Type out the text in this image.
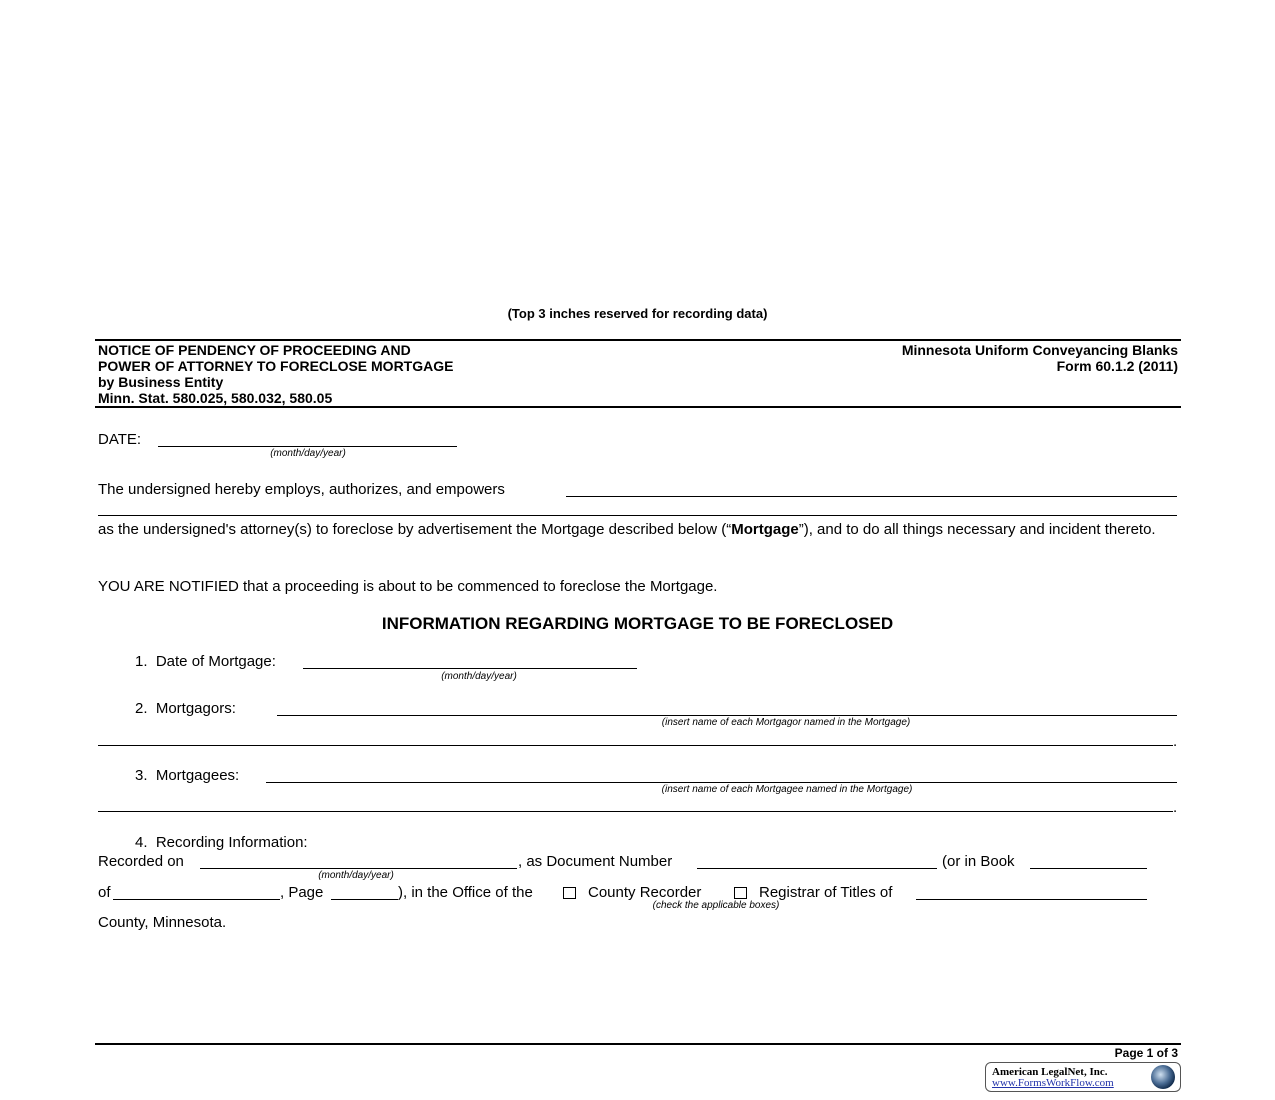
(Top 3 inches reserved for recording data)
NOTICE OF PENDENCY OF PROCEEDING AND
POWER OF ATTORNEY TO FORECLOSE MORTGAGE
by Business Entity
Minn. Stat. 580.025, 580.032, 580.05
Minnesota Uniform Conveyancing Blanks
Form 60.1.2 (2011)
DATE:
(month/day/year)
The undersigned hereby employs, authorizes, and empowers
as the undersigned's attorney(s) to foreclose by advertisement the Mortgage described below (“Mortgage”), and to do all things necessary and incident thereto.
YOU ARE NOTIFIED that a proceeding is about to be commenced to foreclose the Mortgage.
INFORMATION REGARDING MORTGAGE TO BE FORECLOSED
1.  Date of Mortgage:
(month/day/year)
2.  Mortgagors:
(insert name of each Mortgagor named in the Mortgage)
.
3.  Mortgagees:
(insert name of each Mortgagee named in the Mortgage)
.
4.  Recording Information:
Recorded on	, as Document Number	(or in Book
(month/day/year)
of	, Page	), in the Office of the	County Recorder	Registrar of Titles of
(check the applicable boxes)
County, Minnesota.
Page 1 of 3
American LegalNet, Inc.
www.FormsWorkFlow.com
